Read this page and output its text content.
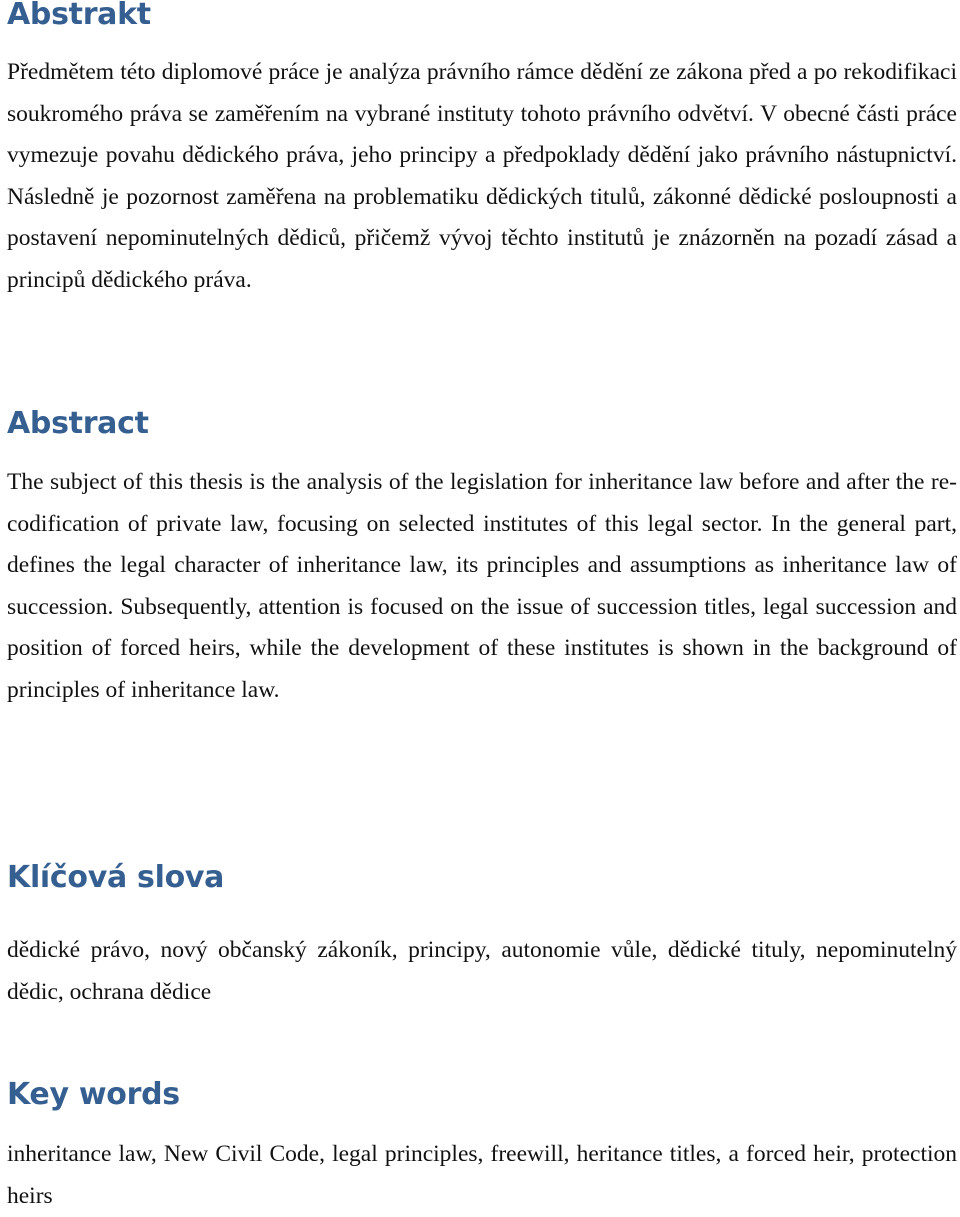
Abstrakt

Předmětem této diplomové práce je analýza právního rámce dědění ze zákona před a po rekodifikaci soukromého práva se zaměřením na vybrané instituty tohoto právního odvětví. V obecné části práce vymezuje povahu dědického práva, jeho principy a předpoklady dědění jako právního nástupnictví. Následně je pozornost zaměřena na problematiku dědických titulů, zákonné dědické posloupnosti a postavení nepominutelných dědiců, přičemž vývoj těchto institutů je znázorněn na pozadí zásad a principů dědického práva.

Abstract

The subject of this thesis is the analysis of the legislation for inheritance law before and after the re-codification of private law, focusing on selected institutes of this legal sector. In the general part, defines the legal character of inheritance law, its principles and assumptions as inheritance law of succession. Subsequently, attention is focused on the issue of succession titles, legal succession and position of forced heirs, while the development of these institutes is shown in the background of principles of inheritance law.

Klíčová slova

dědické právo, nový občanský zákoník, principy, autonomie vůle, dědické tituly, nepominutelný dědic, ochrana dědice

Key words

inheritance law, New Civil Code, legal principles, freewill, heritance titles, a forced heir, protection heirs
